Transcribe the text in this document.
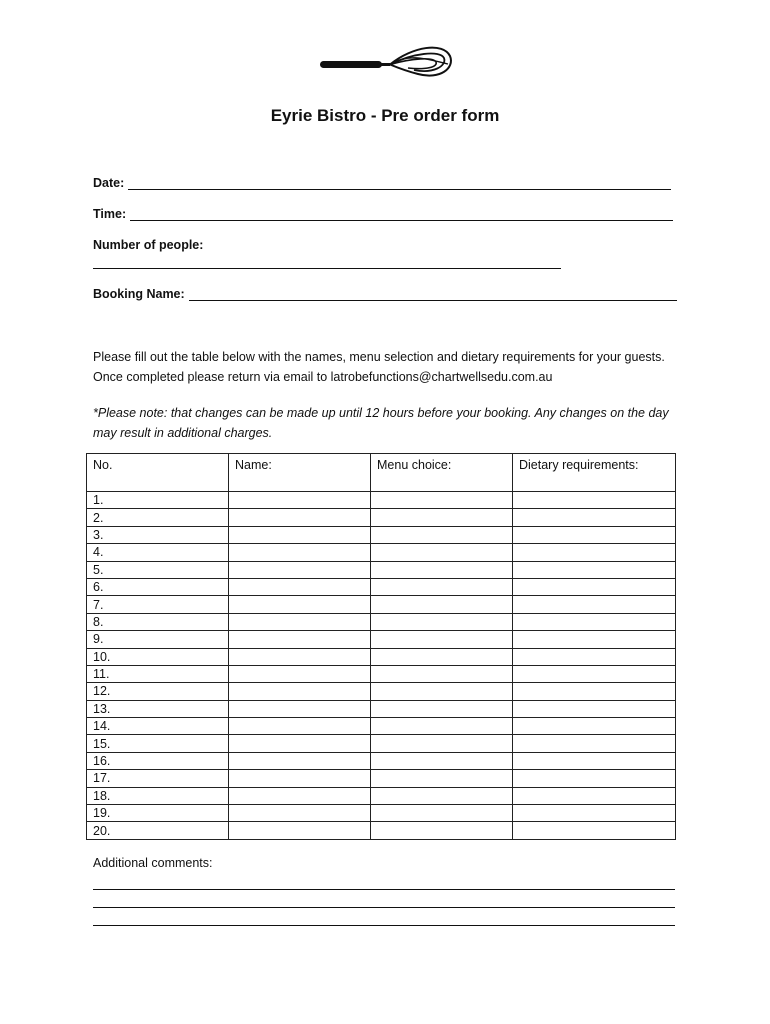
Eyrie Bistro - Pre order form
Date:
Time:
Number of people:
Booking Name:
Please fill out the table below with the names, menu selection and dietary requirements for your guests. Once completed please return via email to latrobefunctions@chartwellsedu.com.au
*Please note: that changes can be made up until 12 hours before your booking. Any changes on the day may result in additional charges.
No.	Name:	Menu choice:	Dietary requirements:
1.			
2.			
3.			
4.			
5.			
6.			
7.			
8.			
9.			
10.			
11.			
12.			
13.			
14.			
15.			
16.			
17.			
18.			
19.			
20.			
Additional comments:
